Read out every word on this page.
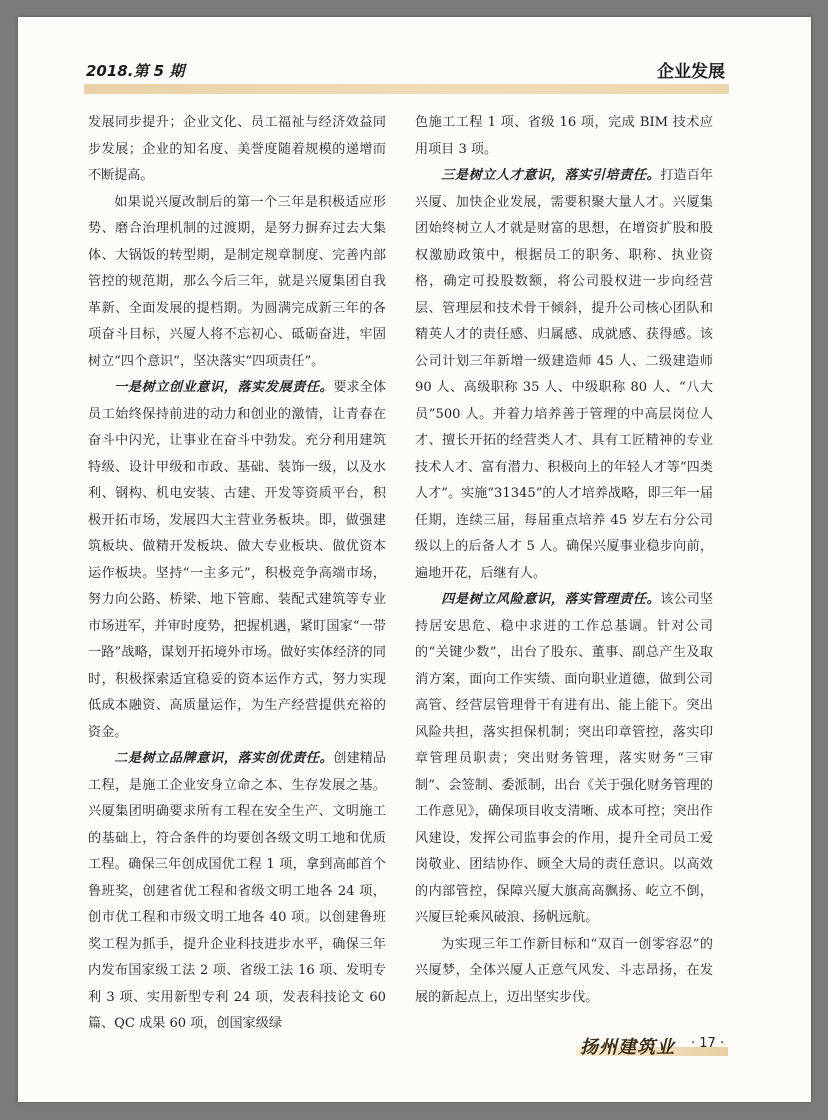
2018.第 5 期	企业发展

发展同步提升；企业文化、员工福祉与经济效益同步发展；企业的知名度、美誉度随着规模的递增而不断提高。

如果说兴厦改制后的第一个三年是积极适应形势、磨合治理机制的过渡期，是努力摒弃过去大集体、大锅饭的转型期，是制定规章制度、完善内部管控的规范期，那么今后三年，就是兴厦集团自我革新、全面发展的提档期。为圆满完成新三年的各项奋斗目标，兴厦人将不忘初心、砥砺奋进，牢固树立“四个意识”，坚决落实“四项责任”。

一是树立创业意识，落实发展责任。要求全体员工始终保持前进的动力和创业的激情，让青春在奋斗中闪光，让事业在奋斗中勃发。充分利用建筑特级、设计甲级和市政、基础、装饰一级，以及水利、钢构、机电安装、古建、开发等资质平台，积极开拓市场，发展四大主营业务板块。即，做强建筑板块、做精开发板块、做大专业板块、做优资本运作板块。坚持“一主多元”，积极竞争高端市场，努力向公路、桥梁、地下管廊、装配式建筑等专业市场进军，并审时度势，把握机遇，紧盯国家“一带一路”战略，谋划开拓境外市场。做好实体经济的同时，积极探索适宜稳妥的资本运作方式，努力实现低成本融资、高质量运作，为生产经营提供充裕的资金。

二是树立品牌意识，落实创优责任。创建精品工程，是施工企业安身立命之本、生存发展之基。兴厦集团明确要求所有工程在安全生产、文明施工的基础上，符合条件的均要创各级文明工地和优质工程。确保三年创成国优工程 1 项，拿到高邮首个鲁班奖，创建省优工程和省级文明工地各 24 项，创市优工程和市级文明工地各 40 项。以创建鲁班奖工程为抓手，提升企业科技进步水平，确保三年内发布国家级工法 2 项、省级工法 16 项、发明专利 3 项、实用新型专利 24 项，发表科技论文 60 篇、QC 成果 60 项，创国家级绿

色施工工程 1 项、省级 16 项，完成 BIM 技术应用项目 3 项。

三是树立人才意识，落实引培责任。打造百年兴厦、加快企业发展，需要积聚大量人才。兴厦集团始终树立人才就是财富的思想，在增资扩股和股权激励政策中，根据员工的职务、职称、执业资格，确定可投股数额，将公司股权进一步向经营层、管理层和技术骨干倾斜，提升公司核心团队和精英人才的责任感、归属感、成就感、获得感。该公司计划三年新增一级建造师 45 人、二级建造师 90 人、高级职称 35 人、中级职称 80 人、“八大员”500 人。并着力培养善于管理的中高层岗位人才、擅长开拓的经营类人才、具有工匠精神的专业技术人才、富有潜力、积极向上的年轻人才等“四类人才”。实施“31345”的人才培养战略，即三年一届任期，连续三届，每届重点培养 45 岁左右分公司级以上的后备人才 5 人。确保兴厦事业稳步向前，遍地开花，后继有人。

四是树立风险意识，落实管理责任。该公司坚持居安思危、稳中求进的工作总基调。针对公司的“关键少数”，出台了股东、董事、副总产生及取消方案，面向工作实绩、面向职业道德，做到公司高管、经营层管理骨干有进有出、能上能下。突出风险共担，落实担保机制；突出印章管控，落实印章管理员职责；突出财务管理，落实财务“三审制”、会签制、委派制，出台《关于强化财务管理的工作意见》，确保项目收支清晰、成本可控；突出作风建设，发挥公司监事会的作用，提升全司员工爱岗敬业、团结协作、顾全大局的责任意识。以高效的内部管控，保障兴厦大旗高高飘扬、屹立不倒，兴厦巨轮乘风破浪、扬帆远航。

为实现三年工作新目标和“双百一创零容忍”的兴厦梦，全体兴厦人正意气风发、斗志昂扬，在发展的新起点上，迈出坚实步伐。

扬州建筑业 · 17 ·
